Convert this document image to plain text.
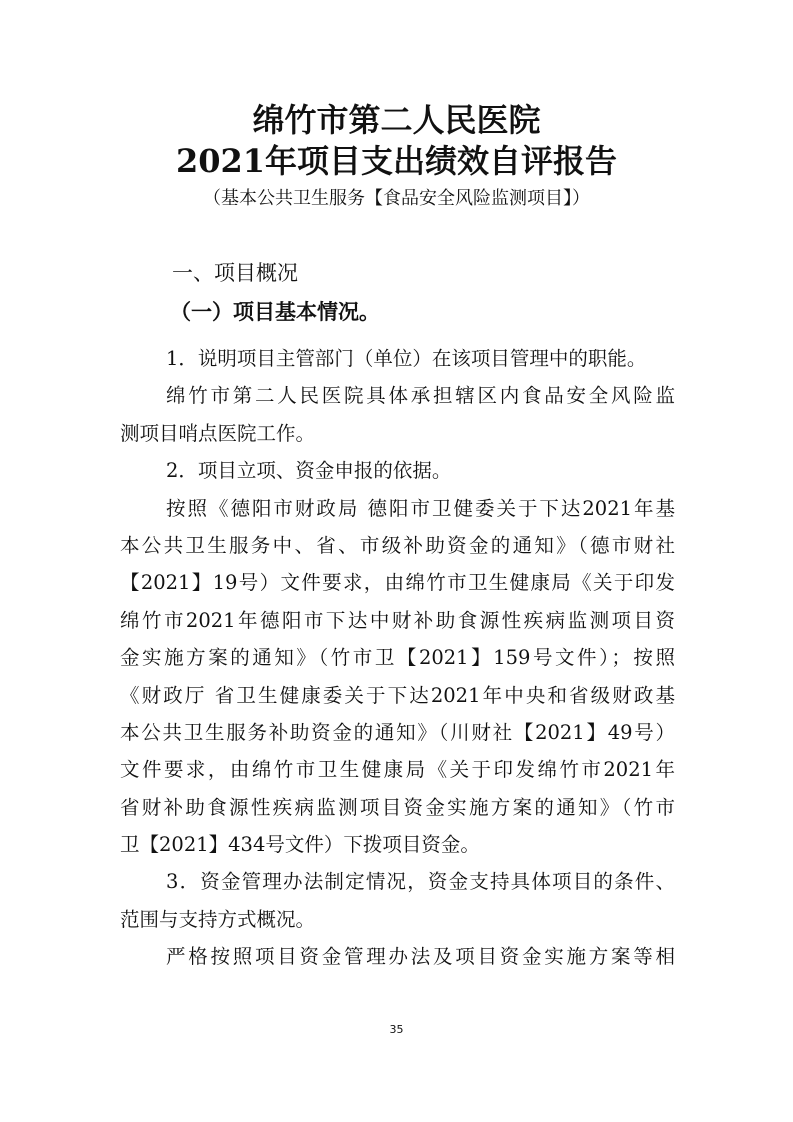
绵竹市第二人民医院
2021年项目支出绩效自评报告
（基本公共卫生服务【食品安全风险监测项目】）
一、项目概况
（一）项目基本情况。
1．说明项目主管部门（单位）在该项目管理中的职能。
绵竹市第二人民医院具体承担辖区内食品安全风险监
测项目哨点医院工作。
2．项目立项、资金申报的依据。
按照《德阳市财政局 德阳市卫健委关于下达2021年基
本公共卫生服务中、省、市级补助资金的通知》（德市财社
【2021】19号）文件要求，由绵竹市卫生健康局《关于印发
绵竹市2021年德阳市下达中财补助食源性疾病监测项目资
金实施方案的通知》（竹市卫【2021】159号文件）；按照
《财政厅 省卫生健康委关于下达2021年中央和省级财政基
本公共卫生服务补助资金的通知》（川财社【2021】49号）
文件要求，由绵竹市卫生健康局《关于印发绵竹市2021年
省财补助食源性疾病监测项目资金实施方案的通知》（竹市
卫【2021】434号文件）下拨项目资金。
3．资金管理办法制定情况，资金支持具体项目的条件、
范围与支持方式概况。
严格按照项目资金管理办法及项目资金实施方案等相
35
